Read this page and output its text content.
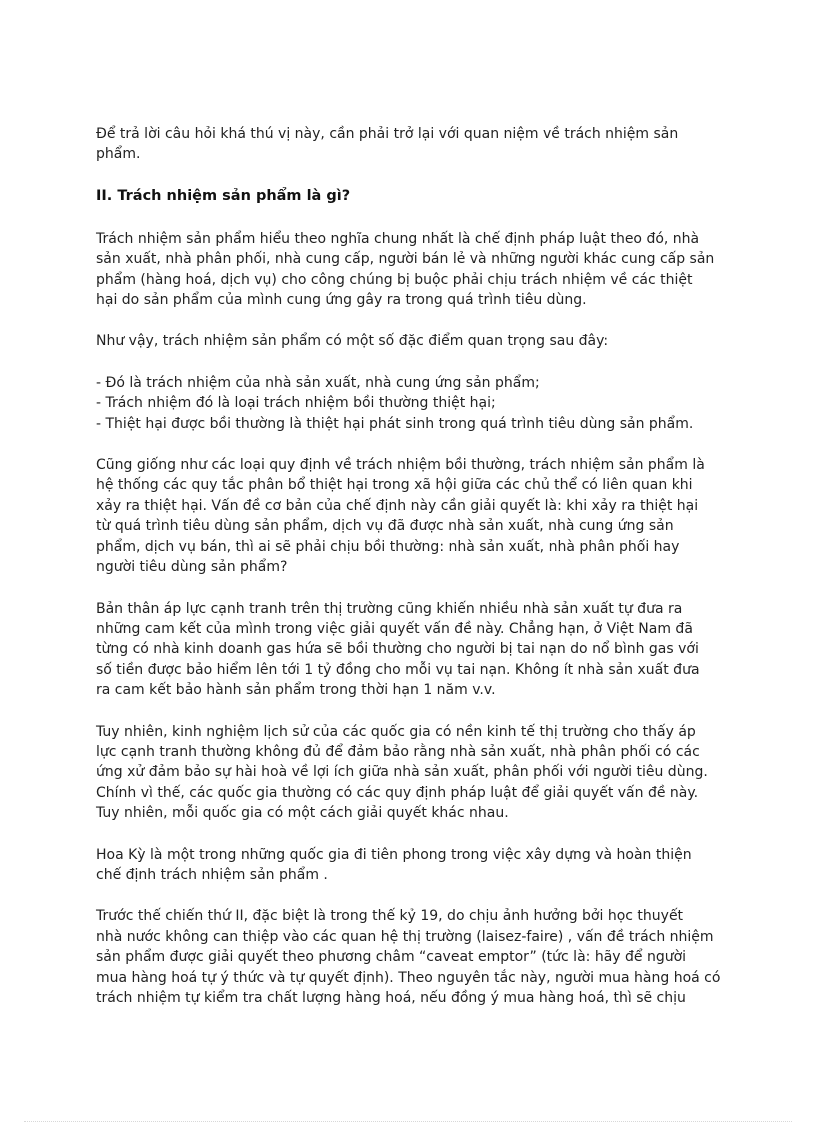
Để trả lời câu hỏi khá thú vị này, cần phải trở lại với quan niệm về trách nhiệm sản
phẩm.

II. Trách nhiệm sản phẩm là gì?

Trách nhiệm sản phẩm hiểu theo nghĩa chung nhất là chế định pháp luật theo đó, nhà
sản xuất, nhà phân phối, nhà cung cấp, người bán lẻ và những người khác cung cấp sản
phẩm (hàng hoá, dịch vụ) cho công chúng bị buộc phải chịu trách nhiệm về các thiệt
hại do sản phẩm của mình cung ứng gây ra trong quá trình tiêu dùng.

Như vậy, trách nhiệm sản phẩm có một số đặc điểm quan trọng sau đây:

- Đó là trách nhiệm của nhà sản xuất, nhà cung ứng sản phẩm;
- Trách nhiệm đó là loại trách nhiệm bồi thường thiệt hại;
- Thiệt hại được bồi thường là thiệt hại phát sinh trong quá trình tiêu dùng sản phẩm.

Cũng giống như các loại quy định về trách nhiệm bồi thường, trách nhiệm sản phẩm là
hệ thống các quy tắc phân bổ thiệt hại trong xã hội giữa các chủ thể có liên quan khi
xảy ra thiệt hại. Vấn đề cơ bản của chế định này cần giải quyết là: khi xảy ra thiệt hại
từ quá trình tiêu dùng sản phẩm, dịch vụ đã được nhà sản xuất, nhà cung ứng sản
phẩm, dịch vụ bán, thì ai sẽ phải chịu bồi thường: nhà sản xuất, nhà phân phối hay
người tiêu dùng sản phẩm?

Bản thân áp lực cạnh tranh trên thị trường cũng khiến nhiều nhà sản xuất tự đưa ra
những cam kết của mình trong việc giải quyết vấn đề này. Chẳng hạn, ở Việt Nam đã
từng có nhà kinh doanh gas hứa sẽ bồi thường cho người bị tai nạn do nổ bình gas với
số tiền được bảo hiểm lên tới 1 tỷ đồng cho mỗi vụ tai nạn. Không ít nhà sản xuất đưa
ra cam kết bảo hành sản phẩm trong thời hạn 1 năm v.v.

Tuy nhiên, kinh nghiệm lịch sử của các quốc gia có nền kinh tế thị trường cho thấy áp
lực cạnh tranh thường không đủ để đảm bảo rằng nhà sản xuất, nhà phân phối có các
ứng xử đảm bảo sự hài hoà về lợi ích giữa nhà sản xuất, phân phối với người tiêu dùng.
Chính vì thế, các quốc gia thường có các quy định pháp luật để giải quyết vấn đề này.
Tuy nhiên, mỗi quốc gia có một cách giải quyết khác nhau.

Hoa Kỳ là một trong những quốc gia đi tiên phong trong việc xây dựng và hoàn thiện
chế định trách nhiệm sản phẩm .

Trước thế chiến thứ II, đặc biệt là trong thế kỷ 19, do chịu ảnh hưởng bởi học thuyết
nhà nước không can thiệp vào các quan hệ thị trường (laisez-faire) , vấn đề trách nhiệm
sản phẩm được giải quyết theo phương châm “caveat emptor” (tức là: hãy để người
mua hàng hoá tự ý thức và tự quyết định). Theo nguyên tắc này, người mua hàng hoá có
trách nhiệm tự kiểm tra chất lượng hàng hoá, nếu đồng ý mua hàng hoá, thì sẽ chịu
